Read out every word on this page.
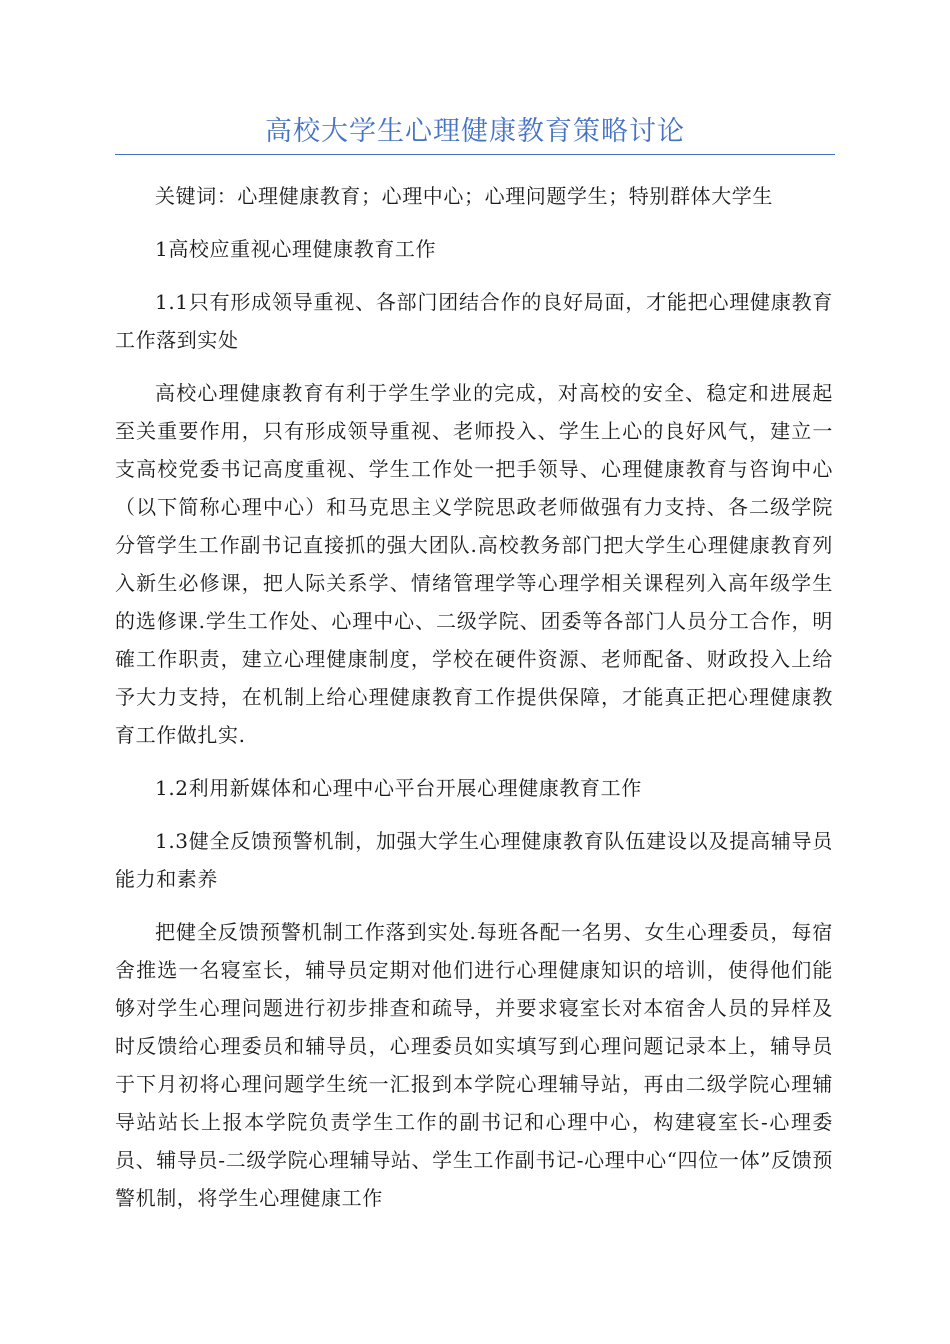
高校大学生心理健康教育策略讨论

关键词：心理健康教育；心理中心；心理问题学生；特别群体大学生

1高校应重视心理健康教育工作

1.1只有形成领导重视、各部门团结合作的良好局面，才能把心理健康教育工作落到实处

高校心理健康教育有利于学生学业的完成，对高校的安全、稳定和进展起至关重要作用，只有形成领导重视、老师投入、学生上心的良好风气，建立一支高校党委书记高度重视、学生工作处一把手领导、心理健康教育与咨询中心（以下简称心理中心）和马克思主义学院思政老师做强有力支持、各二级学院分管学生工作副书记直接抓的强大团队.高校教务部门把大学生心理健康教育列入新生必修课，把人际关系学、情绪管理学等心理学相关课程列入高年级学生的选修课.学生工作处、心理中心、二级学院、团委等各部门人员分工合作，明確工作职责，建立心理健康制度，学校在硬件资源、老师配备、财政投入上给予大力支持，在机制上给心理健康教育工作提供保障，才能真正把心理健康教育工作做扎实.

1.2利用新媒体和心理中心平台开展心理健康教育工作

1.3健全反馈预警机制，加强大学生心理健康教育队伍建设以及提高辅导员能力和素养

把健全反馈预警机制工作落到实处.每班各配一名男、女生心理委员，每宿舍推选一名寝室长，辅导员定期对他们进行心理健康知识的培训，使得他们能够对学生心理问题进行初步排查和疏导，并要求寝室长对本宿舍人员的异样及时反馈给心理委员和辅导员，心理委员如实填写到心理问题记录本上，辅导员于下月初将心理问题学生统一汇报到本学院心理辅导站，再由二级学院心理辅导站站长上报本学院负责学生工作的副书记和心理中心，构建寝室长-心理委员、辅导员-二级学院心理辅导站、学生工作副书记-心理中心“四位一体”反馈预警机制，将学生心理健康工作
